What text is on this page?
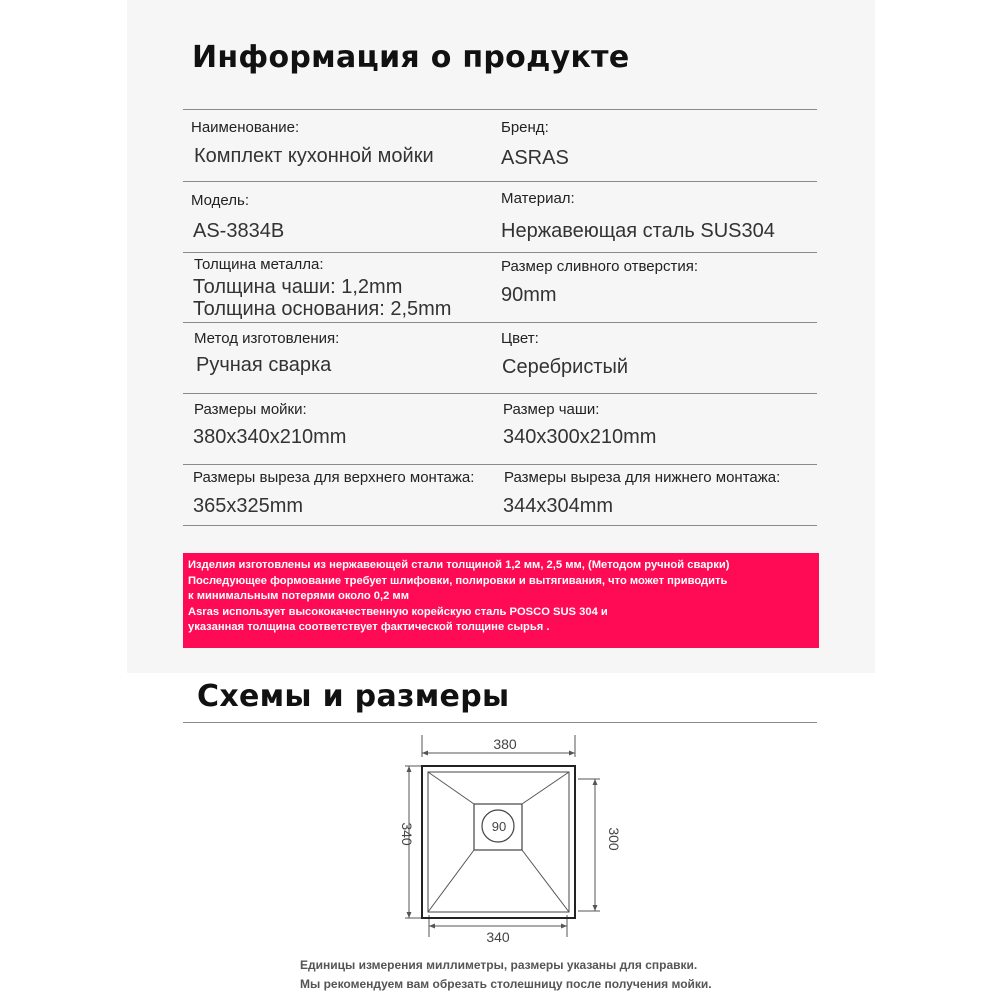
Информация о продукте
Наименование:
Комплект кухонной мойки
Бренд:
ASRAS
Модель:
AS-3834B
Материал:
Нержавеющая сталь SUS304
Толщина металла:
Толщина чаши: 1,2mm
Толщина основания: 2,5mm
Размер сливного отверстия:
90mm
Метод изготовления:
Ручная сварка
Цвет:
Серебристый
Размеры мойки:
380x340x210mm
Размер чаши:
340x300x210mm
Размеры выреза для верхнего монтажа:
365x325mm
Размеры выреза для нижнего монтажа:
344x304mm
Изделия изготовлены из нержавеющей стали толщиной 1,2 мм, 2,5 мм, (Методом ручной сварки)
Последующее формование требует шлифовки, полировки и вытягивания, что может приводить
к минимальным потерями около 0,2 мм
Asras использует высококачественную корейскую сталь POSCO SUS 304 и
указанная толщина соответствует фактической толщине сырья .
Схемы и размеры
380
90
340
340	300
Единицы измерения миллиметры, размеры указаны для справки.
Мы рекомендуем вам обрезать столешницу после получения мойки.
